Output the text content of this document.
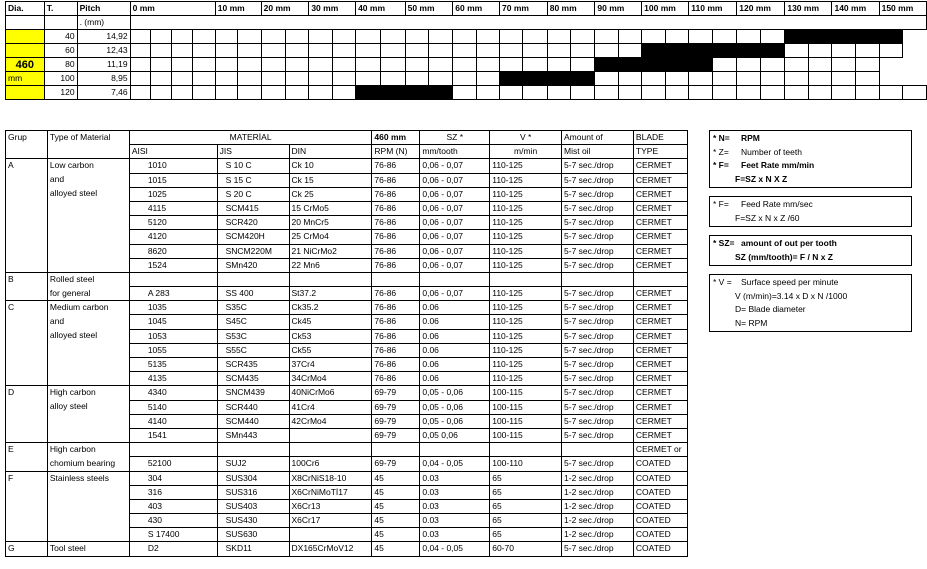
Dia.	T.	Pitch	0 mm				10 mm		20 mm		30 mm		40 mm		50 mm		60 mm		70 mm		80 mm		90 mm		100 mm		110 mm		120 mm		130 mm		140 mm		150 mm	
		. (mm)																																		
	40	14,92																																		
	60	12,43																																		
460	80	11,19																																		
mm	100	8,95																																		
	120	7,46																																		
Grup	Type of Material	MATERİAL			460 mm	SZ *	V *	Amount of	BLADE
		AISI	JIS	DIN	RPM (N)	mm/tooth	m/min	Mist oil	TYPE
A	Low carbon	1010	S 10 C	Ck 10	76-86	0,06 - 0,07	110-125	5-7 sec./drop	CERMET
	and	1015	S 15 C	Ck 15	76-86	0,06 - 0,07	110-125	5-7 sec./drop	CERMET
	alloyed steel	1025	S 20 C	Ck 25	76-86	0,06 - 0,07	110-125	5-7 sec./drop	CERMET
		4115	SCM415	15 CrMo5	76-86	0,06 - 0,07	110-125	5-7 sec./drop	CERMET
		5120	SCR420	20 MnCr5	76-86	0,06 - 0,07	110-125	5-7 sec./drop	CERMET
		4120	SCM420H	25 CrMo4	76-86	0,06 - 0,07	110-125	5-7 sec./drop	CERMET
		8620	SNCM220M	21 NiCrMo2	76-86	0,06 - 0,07	110-125	5-7 sec./drop	CERMET
		1524	SMn420	22 Mn6	76-86	0,06 - 0,07	110-125	5-7 sec./drop	CERMET
B	Rolled steel								
	for general	A 283	SS 400	St37.2	76-86	0,06 - 0,07	110-125	5-7 sec./drop	CERMET
C	Medium carbon	1035	S35C	Ck35.2	76-86	0.06	110-125	5-7 sec./drop	CERMET
	and	1045	S45C	Ck45	76-86	0.06	110-125	5-7 sec./drop	CERMET
	alloyed steel	1053	S53C	Ck53	76-86	0.06	110-125	5-7 sec./drop	CERMET
		1055	S55C	Ck55	76-86	0.06	110-125	5-7 sec./drop	CERMET
		5135	SCR435	37Cr4	76-86	0.06	110-125	5-7 sec./drop	CERMET
		4135	SCM435	34CrMo4	76-86	0.06	110-125	5-7 sec./drop	CERMET
D	High carbon	4340	SNCM439	40NiCrMo6	69-79	0,05 - 0,06	100-115	5-7 sec./drop	CERMET
	alloy steel	5140	SCR440	41Cr4	69-79	0,05 - 0,06	100-115	5-7 sec./drop	CERMET
		4140	SCM440	42CrMo4	69-79	0,05 - 0,06	100-115	5-7 sec./drop	CERMET
		1541	SMn443		69-79	0,05 0,06	100-115	5-7 sec./drop	CERMET
E	High carbon								CERMET or
	chomium bearing	52100	SUJ2	100Cr6	69-79	0,04 - 0,05	100-110	5-7 sec./drop	COATED
F	Stainless steels	304	SUS304	X8CrNiS18-10	45	0.03	65	1-2 sec./drop	COATED
		316	SUS316	X6CrNiMoTİ17	45	0.03	65	1-2 sec./drop	COATED
		403	SUS403	X6Cr13	45	0.03	65	1-2 sec./drop	COATED
		430	SUS430	X6Cr17	45	0.03	65	1-2 sec./drop	COATED
		S 17400	SUS630		45	0.03	65	1-2 sec./drop	COATED
G	Tool steel	D2	SKD11	DX165CrMoV12	45	0,04 - 0,05	60-70	5-7 sec./drop	COATED
* N= RPM
* Z= Number of teeth
* F= Feet Rate mm/min
F=SZ x N X Z
* F= Feed Rate mm/sec
F=SZ x N x Z /60
* SZ= amount of out per tooth
SZ (mm/tooth)= F / N x Z
* V = Surface speed per minute
V (m/min)=3.14 x D x N /1000
D= Blade diameter
N= RPM
